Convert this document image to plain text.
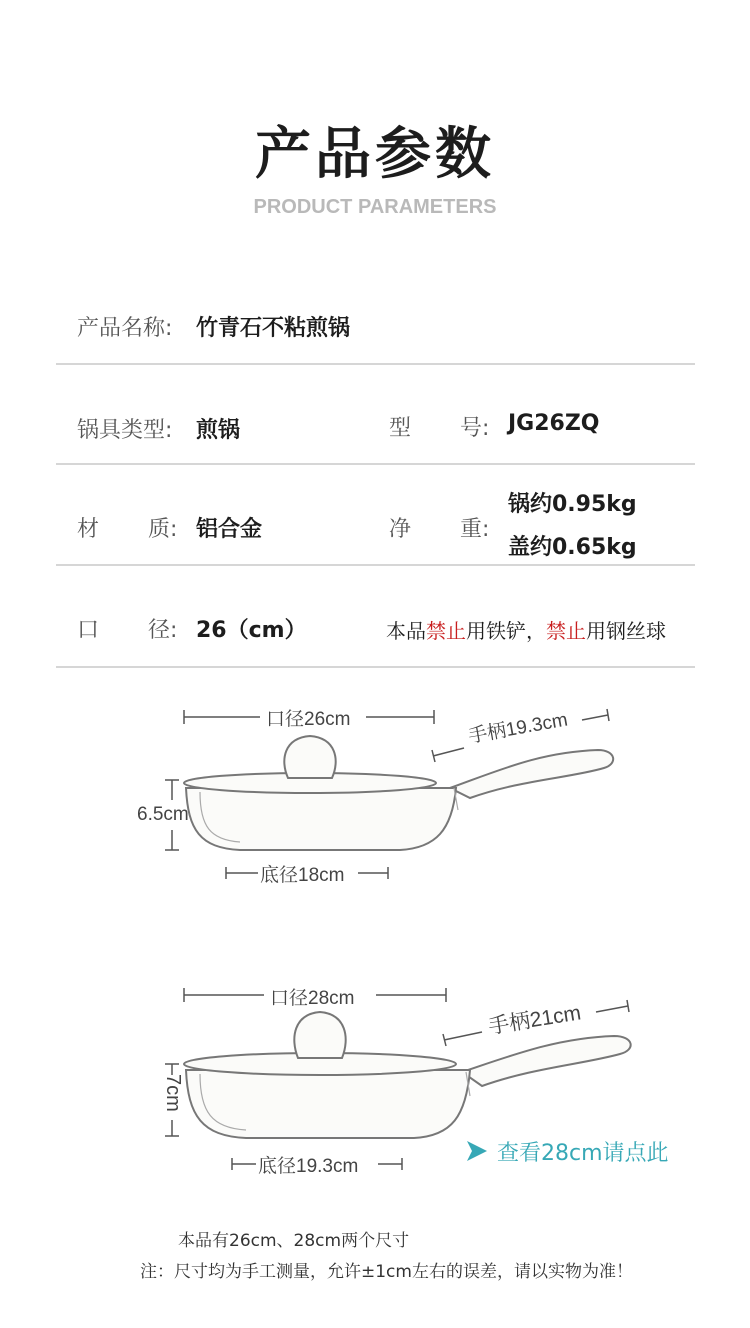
产品参数
PRODUCT PARAMETERS
产品名称: 竹青石不粘煎锅
锅具类型: 煎锅	型 号: JG26ZQ
材 质: 铝合金	净 重:
锅约0.95kg
盖约0.65kg
口 径: 26（cm）	本品禁止用铁铲，禁止用钢丝球
口径26cm	手柄19.3cm
6.5cm
底径18cm
口径28cm
手柄21cm
7cm
底径19.3cm
查看28cm请点此
本品有26cm、28cm两个尺寸
注：尺寸均为手工测量，允许±1cm左右的误差，请以实物为准！
